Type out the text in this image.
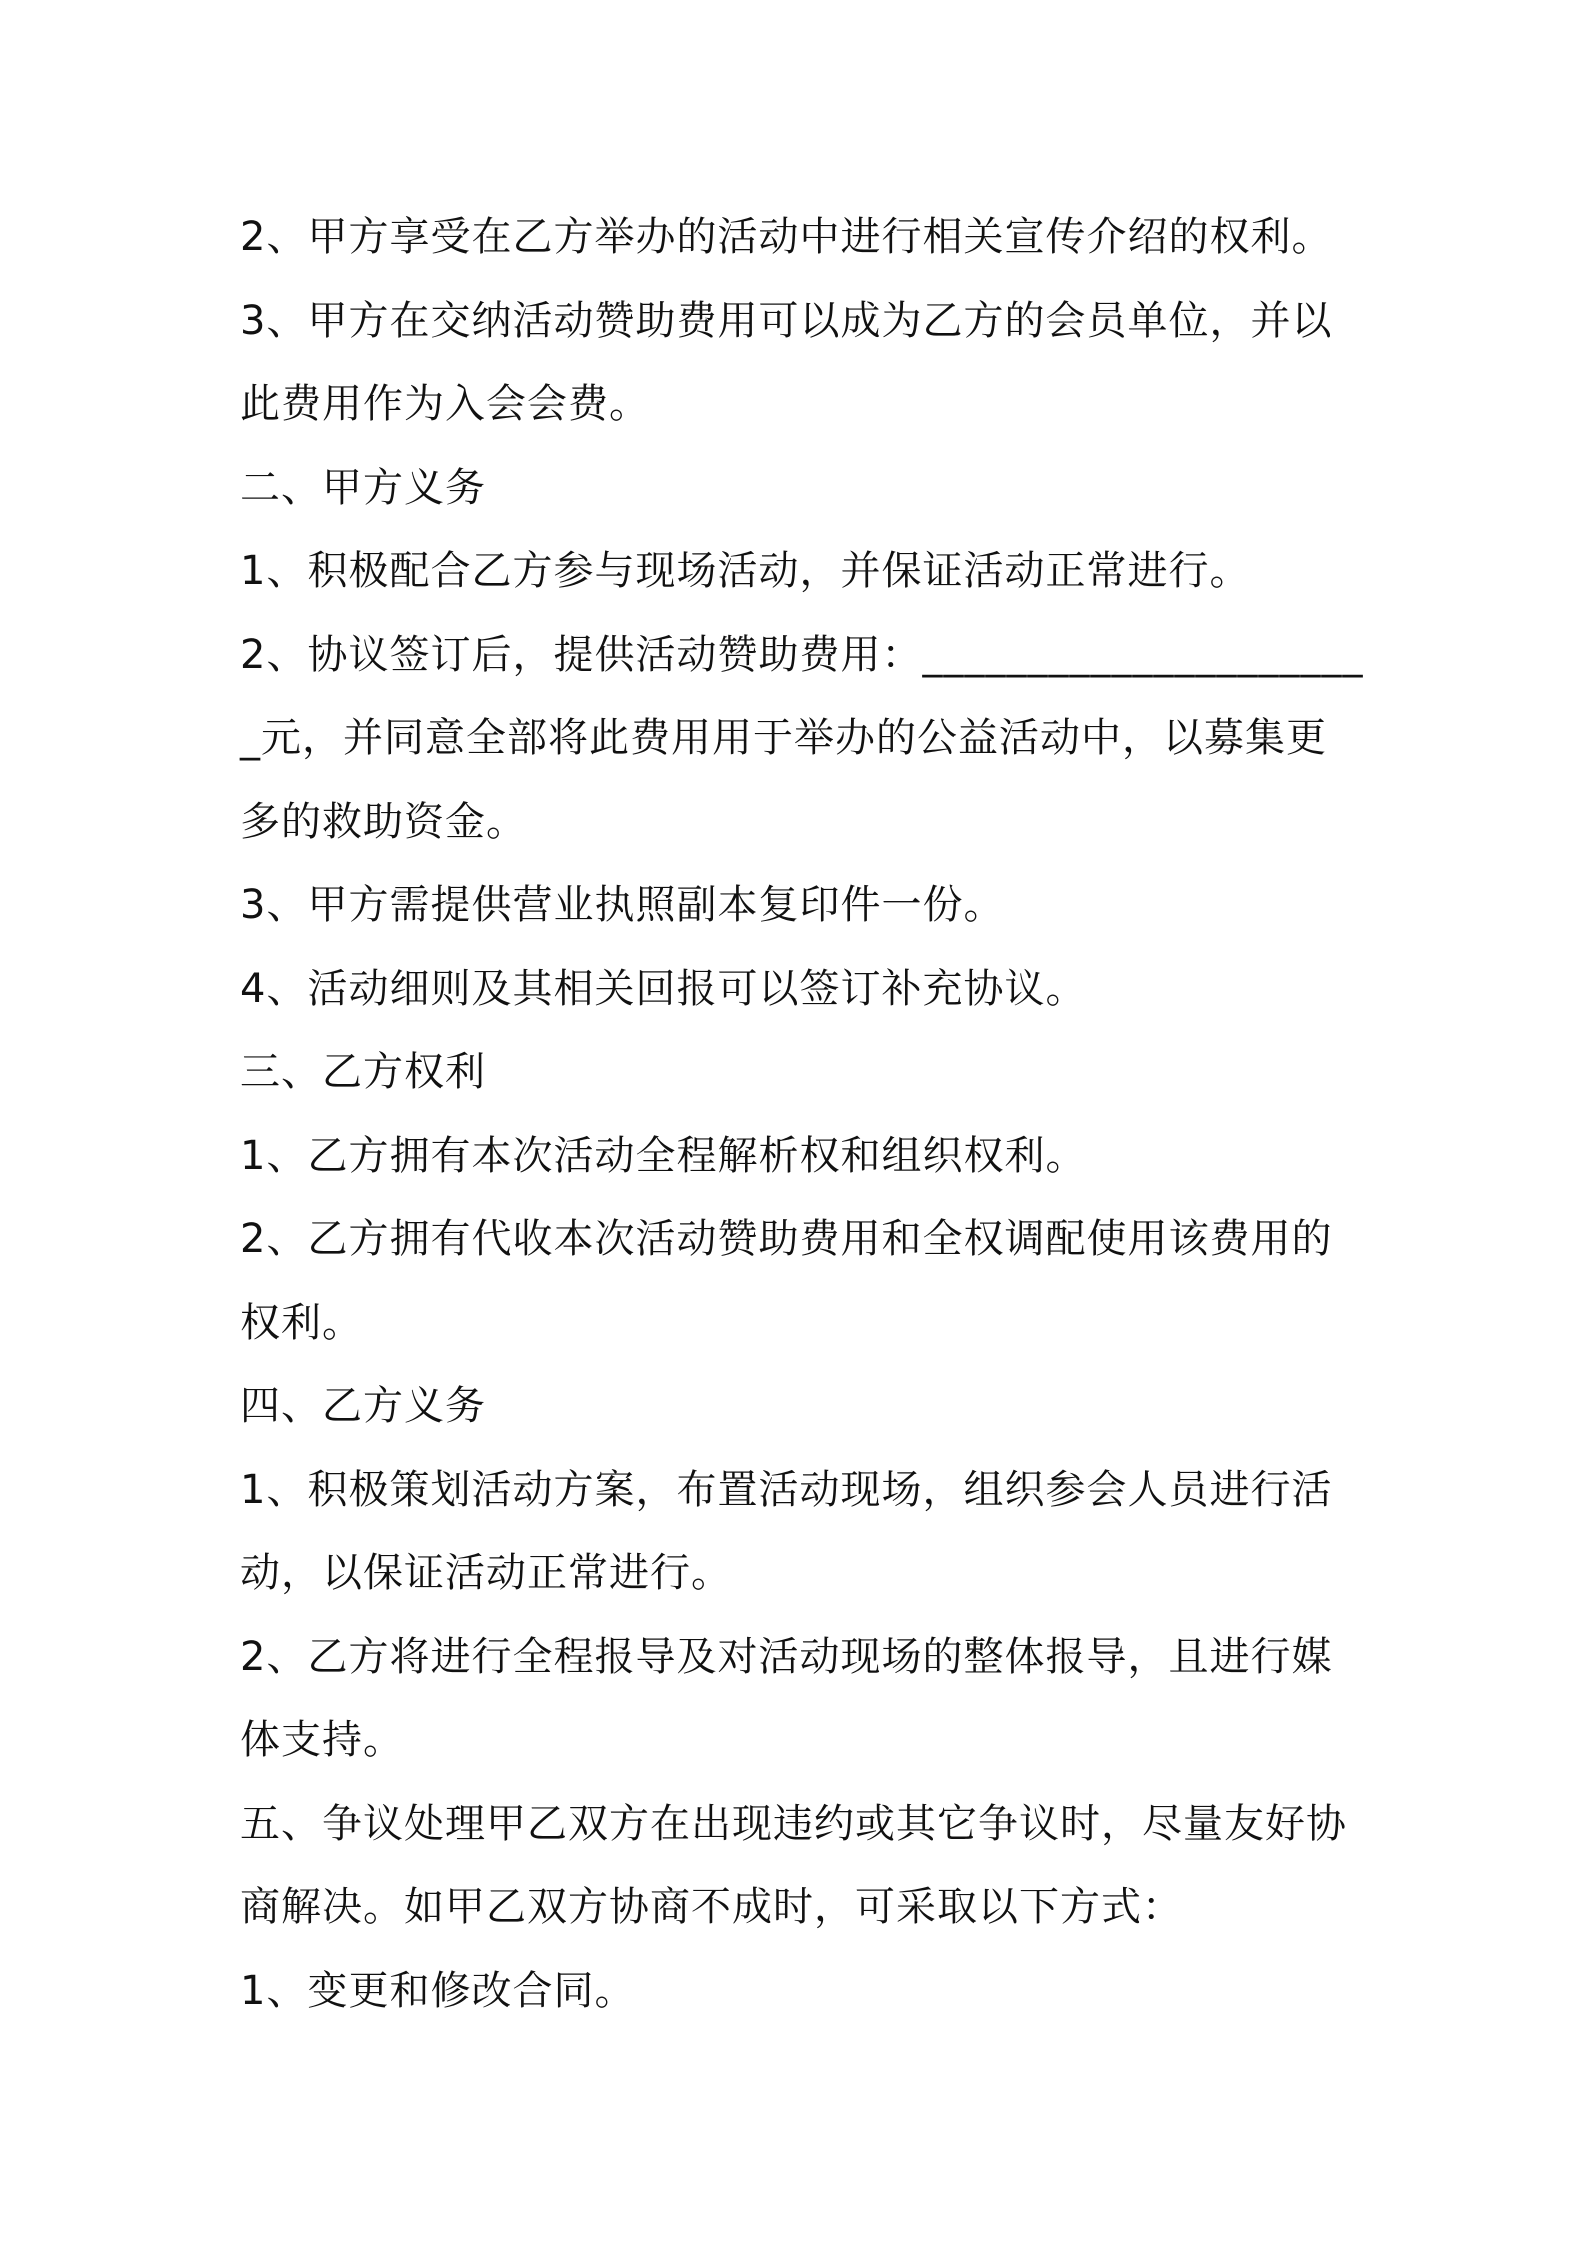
2、甲方享受在乙方举办的活动中进行相关宣传介绍的权利。

3、甲方在交纳活动赞助费用可以成为乙方的会员单位，并以此费用作为入会会费。

二、甲方义务

1、积极配合乙方参与现场活动，并保证活动正常进行。

2、协议签订后，提供活动赞助费用：______________________元，并同意全部将此费用用于举办的公益活动中，以募集更多的救助资金。

3、甲方需提供营业执照副本复印件一份。

4、活动细则及其相关回报可以签订补充协议。

三、乙方权利

1、乙方拥有本次活动全程解析权和组织权利。

2、乙方拥有代收本次活动赞助费用和全权调配使用该费用的权利。

四、乙方义务

1、积极策划活动方案，布置活动现场，组织参会人员进行活动，以保证活动正常进行。

2、乙方将进行全程报导及对活动现场的整体报导，且进行媒体支持。

五、争议处理甲乙双方在出现违约或其它争议时，尽量友好协商解决。如甲乙双方协商不成时，可采取以下方式：

1、变更和修改合同。
